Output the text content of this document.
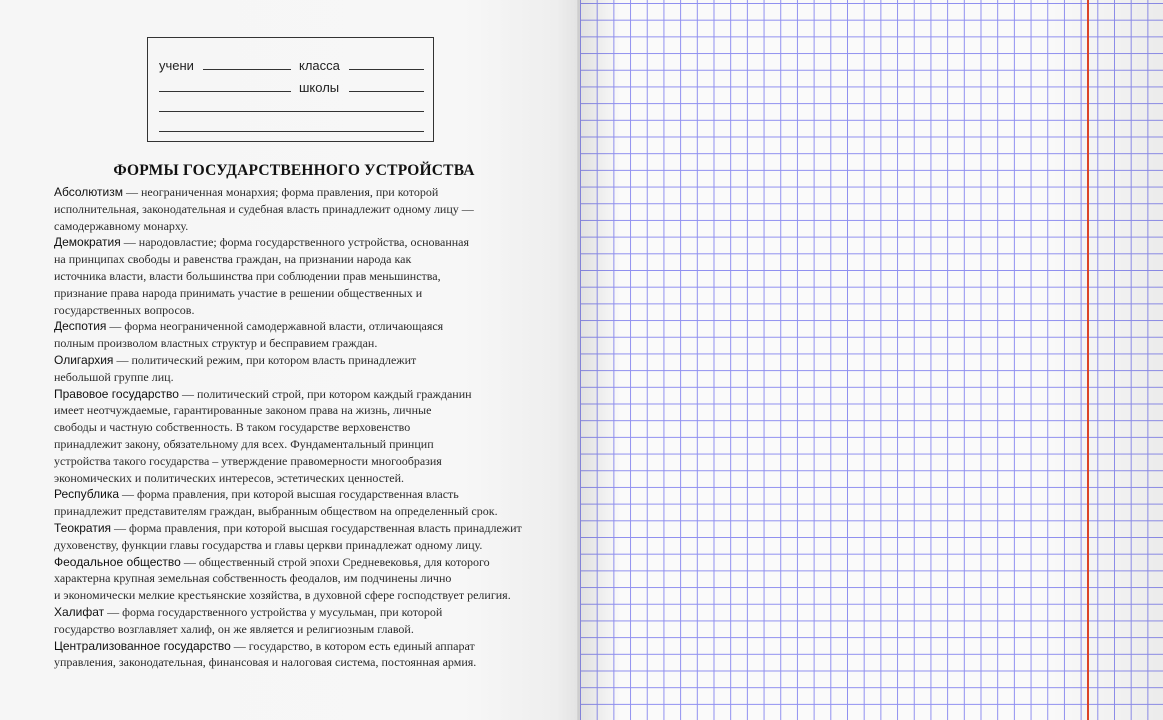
учени	класса
школы
ФОРМЫ ГОСУДАРСТВЕННОГО УСТРОЙСТВА
Абсолютизм — неограниченная монархия; форма правления, при которой
исполнительная, законодательная и судебная власть принадлежит одному лицу —
самодержавному монарху.
Демократия — народовластие; форма государственного устройства, основанная
на принципах свободы и равенства граждан, на признании народа как
источника власти, власти большинства при соблюдении прав меньшинства,
признание права народа принимать участие в решении общественных и
государственных вопросов.
Деспотия — форма неограниченной самодержавной власти, отличающаяся
полным произволом властных структур и бесправием граждан.
Олигархия — политический режим, при котором власть принадлежит
небольшой группе лиц.
Правовое государство — политический строй, при котором каждый гражданин
имеет неотчуждаемые, гарантированные законом права на жизнь, личные
свободы и частную собственность. В таком государстве верховенство
принадлежит закону, обязательному для всех. Фундаментальный принцип
устройства такого государства – утверждение правомерности многообразия
экономических и политических интересов, эстетических ценностей.
Республика — форма правления, при которой высшая государственная власть
принадлежит представителям граждан, выбранным обществом на определенный срок.
Теократия — форма правления, при которой высшая государственная власть принадлежит
духовенству, функции главы государства и главы церкви принадлежат одному лицу.
Феодальное общество — общественный строй эпохи Средневековья, для которого
характерна крупная земельная собственность феодалов, им подчинены лично
и экономически мелкие крестьянские хозяйства, в духовной сфере господствует религия.
Халифат — форма государственного устройства у мусульман, при которой
государство возглавляет халиф, он же является и религиозным главой.
Централизованное государство — государство, в котором есть единый аппарат
управления, законодательная, финансовая и налоговая система, постоянная армия.
